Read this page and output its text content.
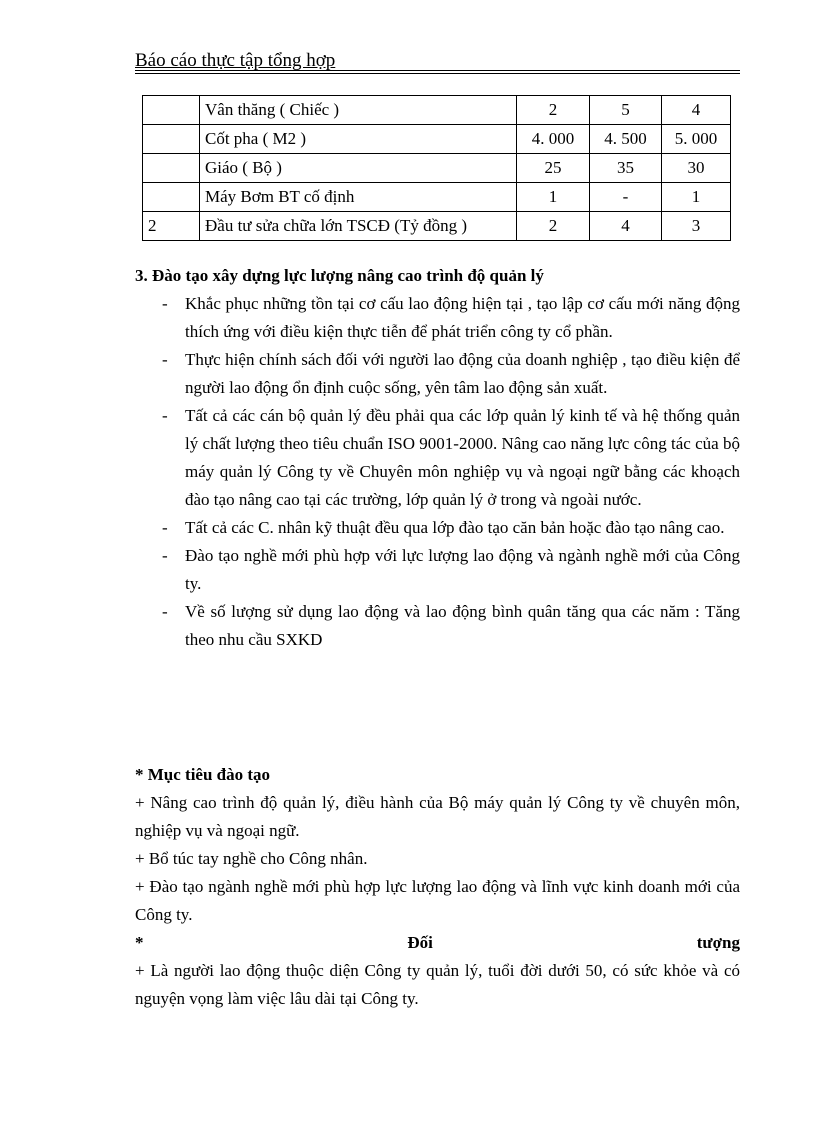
Báo cáo thực tập tổng hợp
	Vân thăng ( Chiếc )	2	5	4
	Cốt pha ( M2 )	4. 000	4. 500	5. 000
	Giáo ( Bộ )	25	35	30
	Máy Bơm BT cố định	1	-	1
2	Đầu tư sửa chữa lớn TSCĐ (Tỷ đồng )	2	4	3
3. Đào tạo xây dựng lực lượng nâng cao trình độ quản lý
- Khắc phục những tồn tại cơ cấu lao động hiện tại , tạo lập cơ cấu mới năng động thích ứng với điều kiện thực tiễn để phát triển công ty cổ phần.
- Thực hiện chính sách đối với người lao động của doanh nghiệp , tạo điều kiện để người lao động ổn định cuộc sống, yên tâm lao động sản xuất.
- Tất cả các cán bộ quản lý đều phải qua các lớp quản lý kinh tế và hệ thống quản lý chất lượng theo tiêu chuẩn ISO 9001-2000. Nâng cao năng lực công tác của bộ máy quản lý Công ty về Chuyên môn nghiệp vụ và ngoại ngữ bằng các khoạch đào tạo nâng cao tại các trường, lớp quản lý ở trong và ngoài nước.
- Tất cả các C. nhân kỹ thuật đều qua lớp đào tạo căn bản hoặc đào tạo nâng cao.
- Đào tạo nghề mới phù hợp với lực lượng lao động và ngành nghề mới của Công ty.
- Về số lượng sử dụng lao động và lao động bình quân tăng qua các năm : Tăng theo nhu cầu SXKD
* Mục tiêu đào tạo
+ Nâng cao trình độ quản lý, điều hành của Bộ máy quản lý Công ty về chuyên môn, nghiệp vụ và ngoại ngữ.
+ Bổ túc tay nghề cho Công nhân.
+ Đào tạo ngành nghề mới phù hợp lực lượng lao động và lĩnh vực kinh doanh mới của Công ty.
*	Đối	tượng
+ Là người lao động thuộc diện Công ty quản lý, tuổi đời dưới 50, có sức khỏe và có nguyện vọng làm việc lâu dài tại Công ty.
